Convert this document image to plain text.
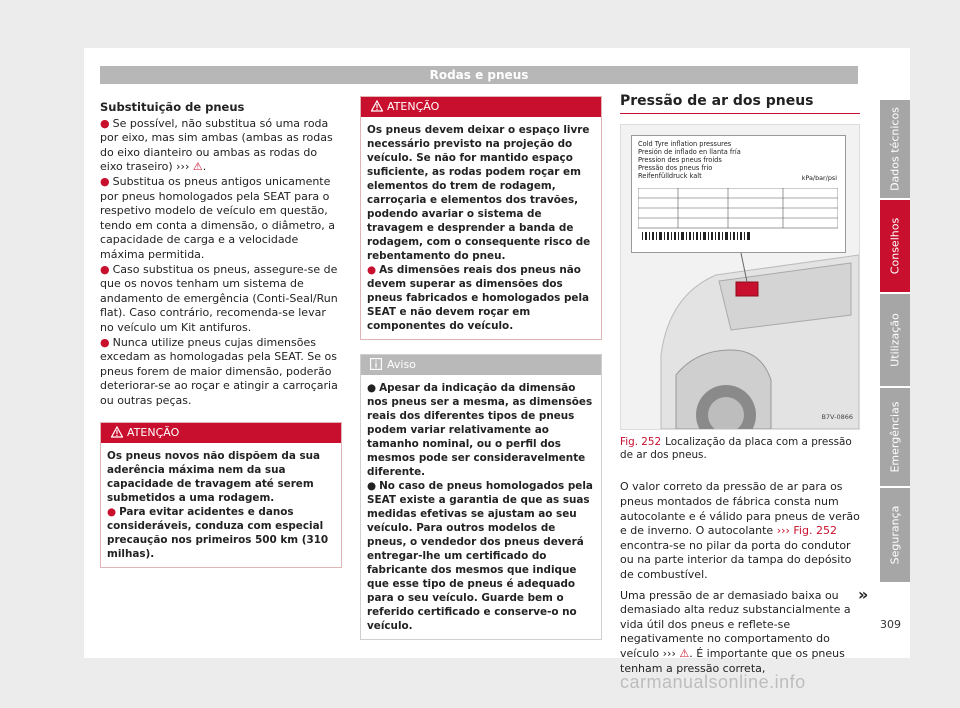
Rodas e pneus
Dados técnicos
Conselhos
Utilização
Emergências
Segurança
Substituição de pneus

● Se possível, não substitua só uma roda por eixo, mas sim ambas (ambas as rodas do eixo dianteiro ou ambas as rodas do eixo traseiro) ››› ⚠.

● Substitua os pneus antigos unicamente por pneus homologados pela SEAT para o respetivo modelo de veículo em questão, tendo em conta a dimensão, o diâmetro, a capacidade de carga e a velocidade máxima permitida.

● Caso substitua os pneus, assegure-se de que os novos tenham um sistema de andamento de emergência (Conti-Seal/Run flat). Caso contrário, recomenda-se levar no veículo um Kit antifuros.

● Nunca utilize pneus cujas dimensões excedam as homologadas pela SEAT. Se os pneus forem de maior dimensão, poderão deteriorar-se ao roçar e atingir a carroçaria ou outras peças.

ATENÇÃO

Os pneus novos não dispõem da sua aderência máxima nem da sua capacidade de travagem até serem submetidos a uma rodagem.

● Para evitar acidentes e danos consideráveis, conduza com especial precaução nos primeiros 500 km (310 milhas).

ATENÇÃO

Os pneus devem deixar o espaço livre necessário previsto na projeção do veículo. Se não for mantido espaço suficiente, as rodas podem roçar em elementos do trem de rodagem, carroçaria e elementos dos travões, podendo avariar o sistema de travagem e desprender a banda de rodagem, com o consequente risco de rebentamento do pneu.

● As dimensões reais dos pneus não devem superar as dimensões dos pneus fabricados e homologados pela SEAT e não devem roçar em componentes do veículo.

Aviso

● Apesar da indicação da dimensão nos pneus ser a mesma, as dimensões reais dos diferentes tipos de pneus podem variar relativamente ao tamanho nominal, ou o perfil dos mesmos pode ser consideravelmente diferente.

● No caso de pneus homologados pela SEAT existe a garantia de que as suas medidas efetivas se ajustam ao seu veículo. Para outros modelos de pneus, o vendedor dos pneus deverá entregar-lhe um certificado do fabricante dos mesmos que indique que esse tipo de pneus é adequado para o seu veículo. Guarde bem o referido certificado e conserve-o no veículo.

Pressão de ar dos pneus
Cold Tyre inflation pressures
Presión de inflado en llanta fría
Pression des pneus froids
Pressão dos pneus frio
Reifenfülldruck kalt	kPa/bar/psi
B7V-0866
Fig. 252 Localização da placa com a pressão de ar dos pneus.

O valor correto da pressão de ar para os pneus montados de fábrica consta num autocolante e é válido para pneus de verão e de inverno. O autocolante ››› Fig. 252 encontra-se no pilar da porta do condutor ou na parte interior da tampa do depósito de combustível.

Uma pressão de ar demasiado baixa ou demasiado alta reduz substancialmente a vida útil dos pneus e reflete-se negativamente no comportamento do veículo ››› ⚠. É importante que os pneus tenham a pressão correta,

»
309
carmanualsonline.info
